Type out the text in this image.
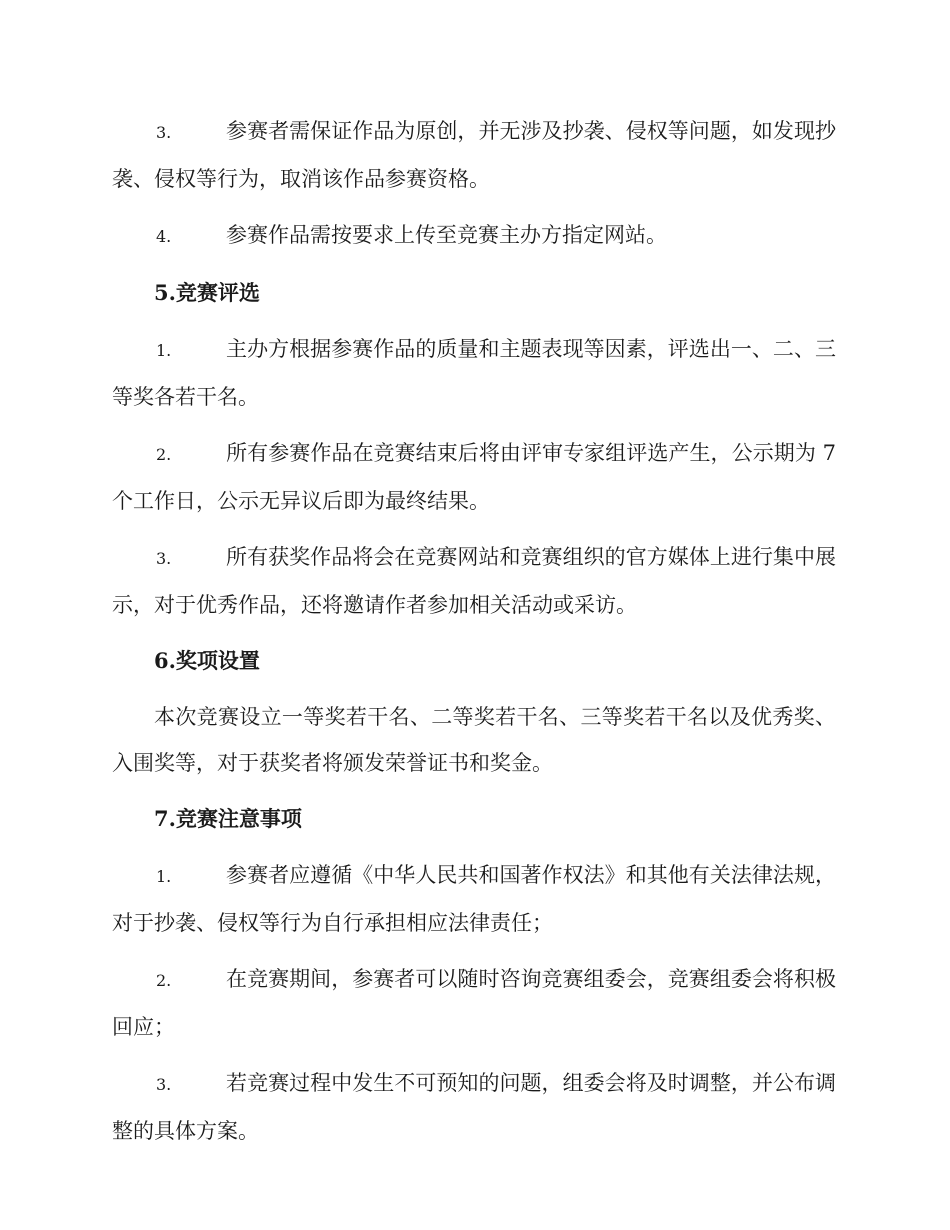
3.	参赛者需保证作品为原创，并无涉及抄袭、侵权等问题，如发现抄袭、侵权等行为，取消该作品参赛资格。

4.	参赛作品需按要求上传至竞赛主办方指定网站。

5.竞赛评选

1.	主办方根据参赛作品的质量和主题表现等因素，评选出一、二、三等奖各若干名。

2.	所有参赛作品在竞赛结束后将由评审专家组评选产生，公示期为 7 个工作日，公示无异议后即为最终结果。

3.	所有获奖作品将会在竞赛网站和竞赛组织的官方媒体上进行集中展示，对于优秀作品，还将邀请作者参加相关活动或采访。

6.奖项设置

本次竞赛设立一等奖若干名、二等奖若干名、三等奖若干名以及优秀奖、入围奖等，对于获奖者将颁发荣誉证书和奖金。

7.竞赛注意事项

1.	参赛者应遵循《中华人民共和国著作权法》和其他有关法律法规，对于抄袭、侵权等行为自行承担相应法律责任；

2.	在竞赛期间，参赛者可以随时咨询竞赛组委会，竞赛组委会将积极回应；

3.	若竞赛过程中发生不可预知的问题，组委会将及时调整，并公布调整的具体方案。
